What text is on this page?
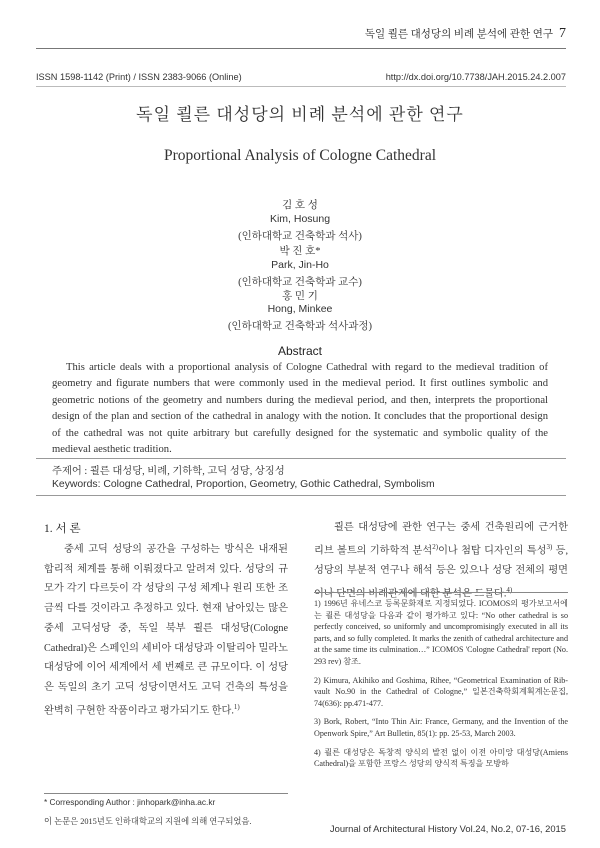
독일 쾰른 대성당의 비례 분석에 관한 연구 7
ISSN 1598-1142 (Print) / ISSN 2383-9066 (Online)	http://dx.doi.org/10.7738/JAH.2015.24.2.007
독일 쾰른 대성당의 비례 분석에 관한 연구
Proportional Analysis of Cologne Cathedral
김 호 성
Kim, Hosung
(인하대학교 건축학과 석사)
박 진 호*
Park, Jin-Ho
(인하대학교 건축학과 교수)
홍 민 기
Hong, Minkee
(인하대학교 건축학과 석사과정)
Abstract
This article deals with a proportional analysis of Cologne Cathedral with regard to the medieval tradition of geometry and figurate numbers that were commonly used in the medieval period. It first outlines symbolic and geometric notions of the geometry and numbers during the medieval period, and then, interprets the proportional design of the plan and section of the cathedral in analogy with the notion. It concludes that the proportional design of the cathedral was not quite arbitrary but carefully designed for the systematic and symbolic quality of the medieval aesthetic tradition.
주제어 : 쾰른 대성당, 비례, 기하학, 고딕 성당, 상징성
Keywords: Cologne Cathedral, Proportion, Geometry, Gothic Cathedral, Symbolism
1. 서 론

중세 고딕 성당의 공간을 구성하는 방식은 내재된 합리적 체계를 통해 이뤄졌다고 알려져 있다. 성당의 규모가 각기 다르듯이 각 성당의 구성 체계나 원리 또한 조금씩 다를 것이라고 추정하고 있다. 현재 남아있는 많은 중세 고딕성당 중, 독일 북부 쾰른 대성당(Cologne Cathedral)은 스페인의 세비아 대성당과 이탈리아 밀라노 대성당에 이어 세계에서 세 번째로 큰 규모이다. 이 성당은 독일의 초기 고딕 성당이면서도 고딕 건축의 특성을 완벽히 구현한 작품이라고 평가되기도 한다.$^{1)}$

* Corresponding Author : jinhopark@inha.ac.kr
이 논문은 2015년도 인하대학교의 지원에 의해 연구되었음.

쾰른 대성당에 관한 연구는 중세 건축원리에 근거한 리브 볼트의 기하학적 분석$^{2)}$이나 첨탑 디자인의 특성$^{3)}$ 등, 성당의 부분적 연구나 해석 등은 있으나 성당 전체의 평면이나 단면의 비례관계에 대한 분석은 드물다.$^{4)}$

1) 1996년 유네스코 등록문화재로 지정되었다. ICOMOS의 평가보고서에는 쾰른 대성당을 다음과 같이 평가하고 있다: “No other cathedral is so perfectly conceived, so uniformly and uncompromisingly executed in all its parts, and so fully completed. It marks the zenith of cathedral architecture and at the same time its culmination…” ICOMOS 'Cologne Cathedral' report (No. 293 rev) 참조.

2) Kimura, Akihiko and Goshima, Rihee, “Geometrical Examination of Rib-vault No.90 in the Cathedral of Cologne,” 일본건축학회계획계논문집, 74(636): pp.471-477.

3) Bork, Robert, “Into Thin Air: France, Germany, and the Invention of the Openwork Spire,” Art Bulletin, 85(1): pp. 25-53, March 2003.

4) 쾰른 대성당은 독창적 양식의 발전 없이 이전 아미앙 대성당(Amiens Cathedral)을 포함한 프랑스 성당의 양식적 특징을 모방하

Journal of Architectural History Vol.24, No.2, 07-16, 2015
